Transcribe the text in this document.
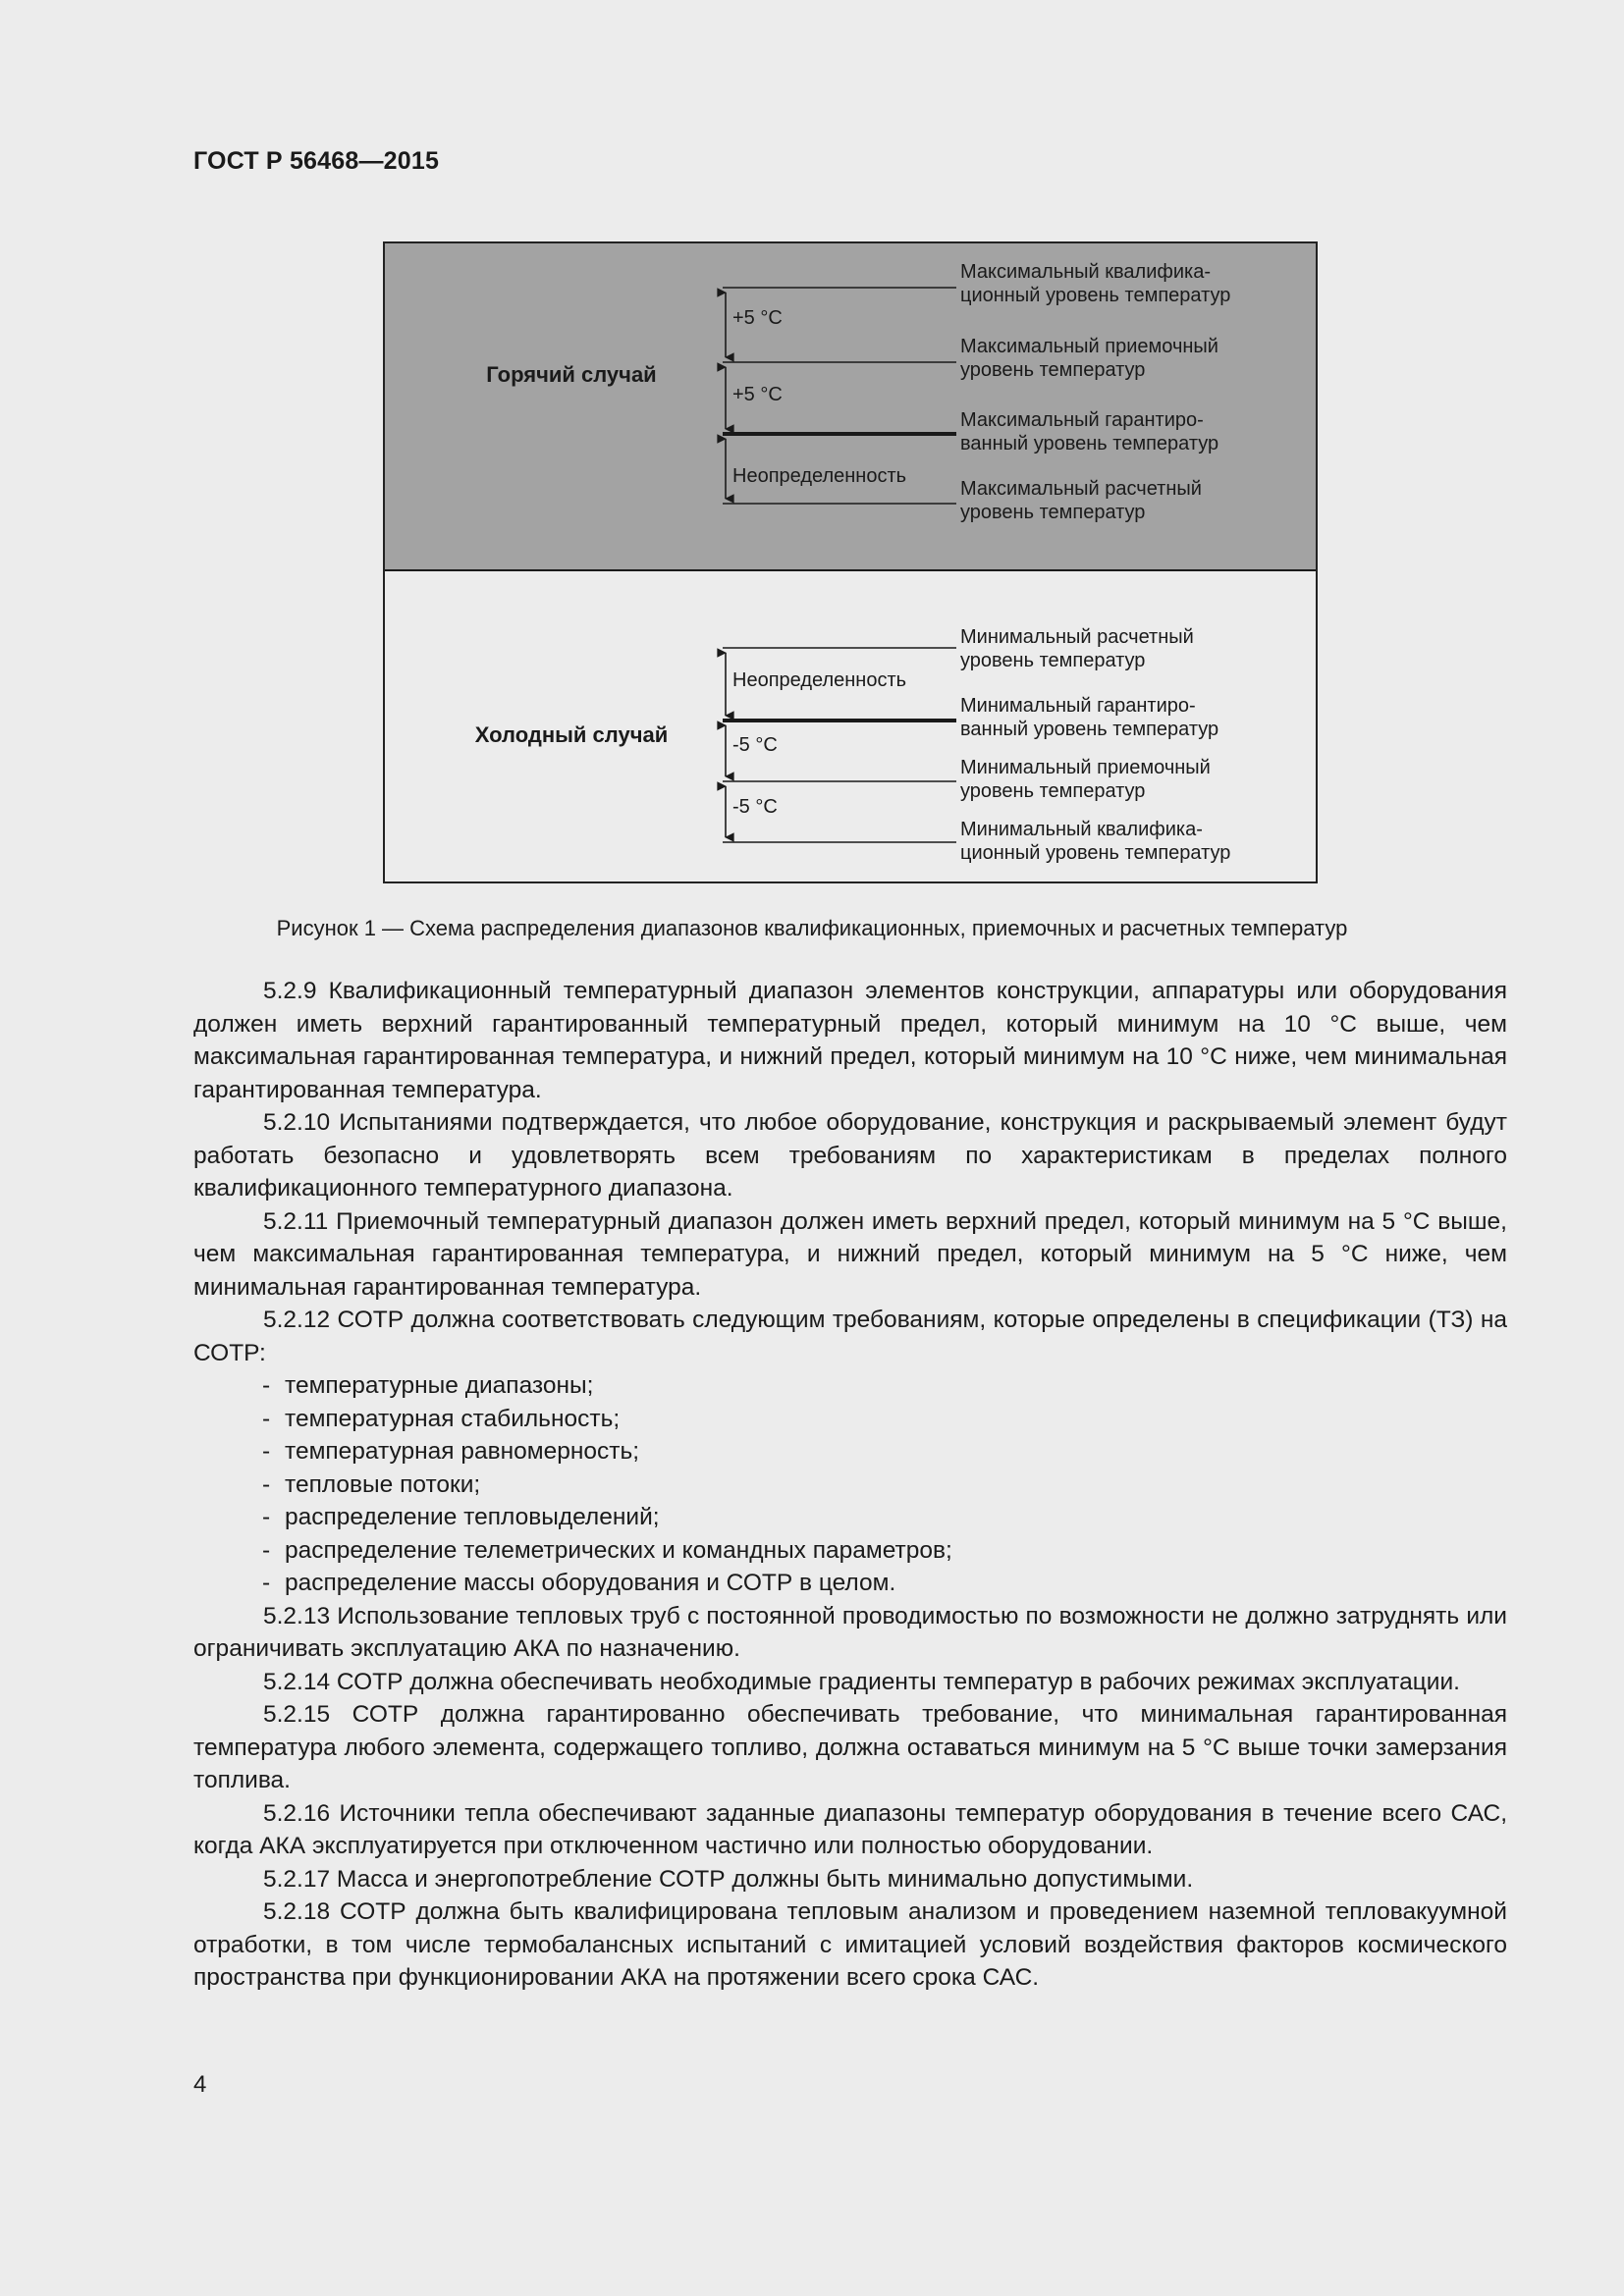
ГОСТ Р 56468—2015
Горячий случай
+5 °C
+5 °C
Неопределенность
Максимальный квалифика-ционный уровень температур
Максимальный приемочный уровень температур
Максимальный гарантиро-ванный уровень температур
Максимальный расчетный уровень температур
Холодный случай
Неопределенность
-5 °C
-5 °C
Минимальный расчетный уровень температур
Минимальный гарантиро-ванный уровень температур
Минимальный приемочный уровень температур
Минимальный квалифика-ционный уровень температур
Рисунок 1 — Схема распределения диапазонов квалификационных, приемочных и расчетных температур

5.2.9 Квалификационный температурный диапазон элементов конструкции, аппаратуры или оборудования должен иметь верхний гарантированный температурный предел, который минимум на 10 °С выше, чем максимальная гарантированная температура, и нижний предел, который минимум на 10 °С ниже, чем минимальная гарантированная температура.

5.2.10 Испытаниями подтверждается, что любое оборудование, конструкция и раскрываемый элемент будут работать безопасно и удовлетворять всем требованиям по характеристикам в пределах полного квалификационного температурного диапазона.

5.2.11 Приемочный температурный диапазон должен иметь верхний предел, который минимум на 5 °С выше, чем максимальная гарантированная температура, и нижний предел, который минимум на 5 °С ниже, чем минимальная гарантированная температура.

5.2.12 СОТР должна соответствовать следующим требованиям, которые определены в спецификации (ТЗ) на СОТР:

- температурные диапазоны;
- температурная стабильность;
- температурная равномерность;
- тепловые потоки;
- распределение тепловыделений;
- распределение телеметрических и командных параметров;
- распределение массы оборудования и СОТР в целом.

5.2.13 Использование тепловых труб с постоянной проводимостью по возможности не должно затруднять или ограничивать эксплуатацию АКА по назначению.

5.2.14 СОТР должна обеспечивать необходимые градиенты температур в рабочих режимах эксплуатации.

5.2.15 СОТР должна гарантированно обеспечивать требование, что минимальная гарантированная температура любого элемента, содержащего топливо, должна оставаться минимум на 5 °С выше точки замерзания топлива.

5.2.16 Источники тепла обеспечивают заданные диапазоны температур оборудования в течение всего САС, когда АКА эксплуатируется при отключенном частично или полностью оборудовании.

5.2.17 Масса и энергопотребление СОТР должны быть минимально допустимыми.

5.2.18 СОТР должна быть квалифицирована тепловым анализом и проведением наземной тепловакуумной отработки, в том числе термобалансных испытаний с имитацией условий воздействия факторов космического пространства при функционировании АКА на протяжении всего срока САС.

4
